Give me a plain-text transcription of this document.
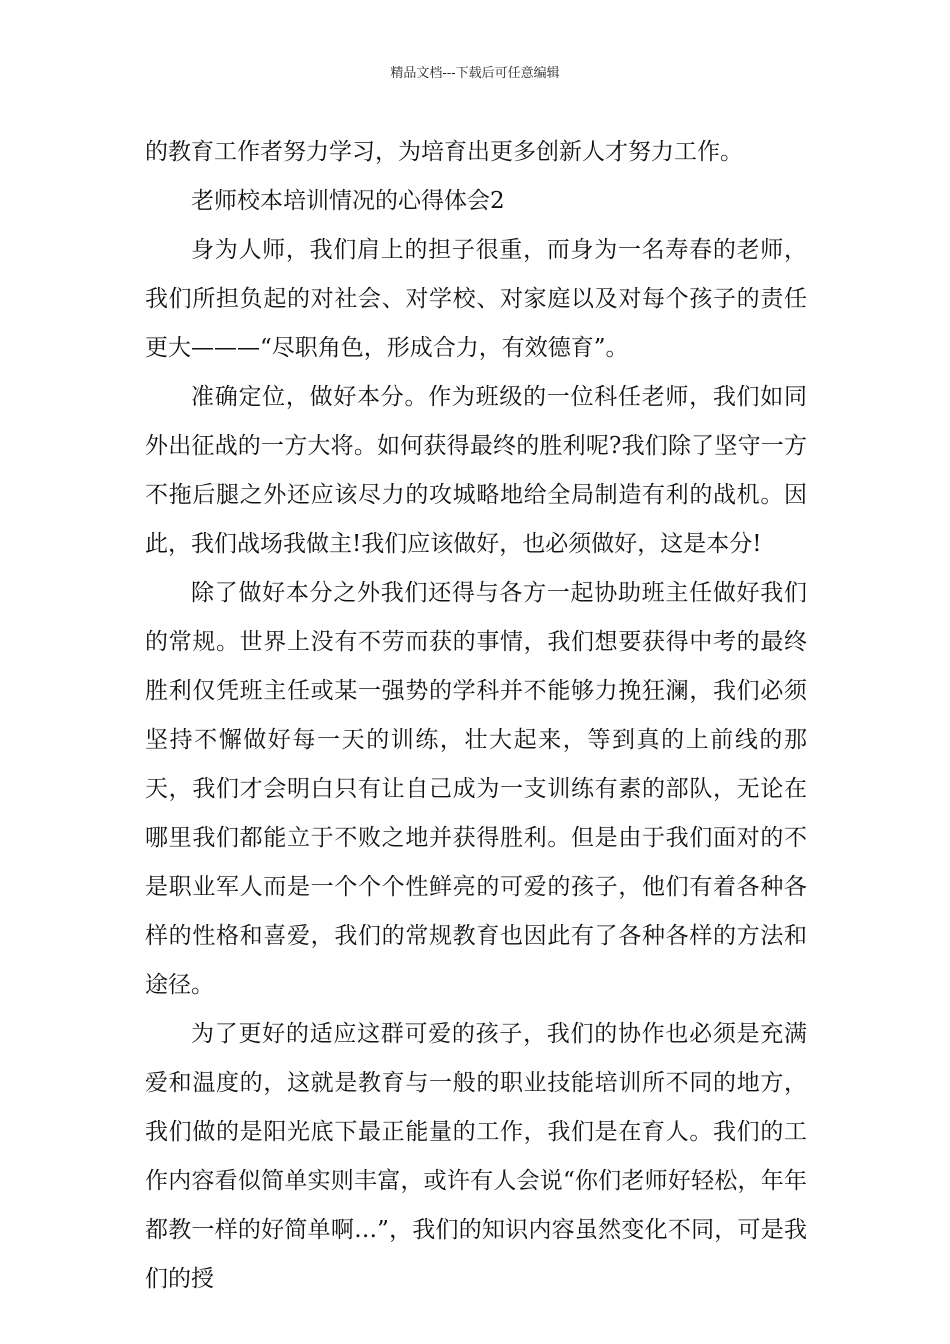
精品文档---下载后可任意编辑

的教育工作者努力学习，为培育出更多创新人才努力工作。

老师校本培训情况的心得体会2

身为人师，我们肩上的担子很重，而身为一名寿春的老师，我们所担负起的对社会、对学校、对家庭以及对每个孩子的责任更大———“尽职角色，形成合力，有效德育”。

准确定位，做好本分。作为班级的一位科任老师，我们如同外出征战的一方大将。如何获得最终的胜利呢?我们除了坚守一方不拖后腿之外还应该尽力的攻城略地给全局制造有利的战机。因此，我们战场我做主!我们应该做好，也必须做好，这是本分!

除了做好本分之外我们还得与各方一起协助班主任做好我们的常规。世界上没有不劳而获的事情，我们想要获得中考的最终胜利仅凭班主任或某一强势的学科并不能够力挽狂澜，我们必须坚持不懈做好每一天的训练，壮大起来，等到真的上前线的那天，我们才会明白只有让自己成为一支训练有素的部队，无论在哪里我们都能立于不败之地并获得胜利。但是由于我们面对的不是职业军人而是一个个个性鲜亮的可爱的孩子，他们有着各种各样的性格和喜爱，我们的常规教育也因此有了各种各样的方法和途径。

为了更好的适应这群可爱的孩子，我们的协作也必须是充满爱和温度的，这就是教育与一般的职业技能培训所不同的地方，我们做的是阳光底下最正能量的工作，我们是在育人。我们的工作内容看似简单实则丰富，或许有人会说“你们老师好轻松，年年都教一样的好简单啊…”，我们的知识内容虽然变化不同，可是我们的授
